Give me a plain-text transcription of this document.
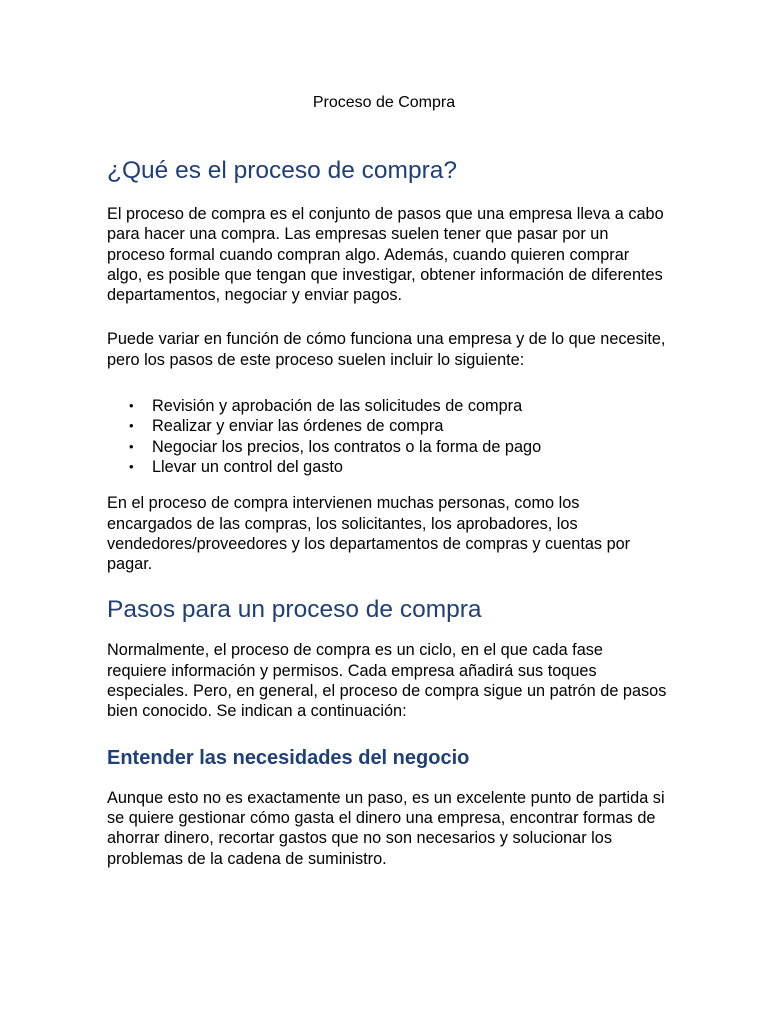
Proceso de Compra
¿Qué es el proceso de compra?

El proceso de compra es el conjunto de pasos que una empresa lleva a cabo para hacer una compra. Las empresas suelen tener que pasar por un proceso formal cuando compran algo. Además, cuando quieren comprar algo, es posible que tengan que investigar, obtener información de diferentes departamentos, negociar y enviar pagos.

Puede variar en función de cómo funciona una empresa y de lo que necesite, pero los pasos de este proceso suelen incluir lo siguiente:

• Revisión y aprobación de las solicitudes de compra
• Realizar y enviar las órdenes de compra
• Negociar los precios, los contratos o la forma de pago
• Llevar un control del gasto

En el proceso de compra intervienen muchas personas, como los encargados de las compras, los solicitantes, los aprobadores, los vendedores/proveedores y los departamentos de compras y cuentas por pagar.

Pasos para un proceso de compra

Normalmente, el proceso de compra es un ciclo, en el que cada fase requiere información y permisos. Cada empresa añadirá sus toques especiales. Pero, en general, el proceso de compra sigue un patrón de pasos bien conocido. Se indican a continuación:

Entender las necesidades del negocio

Aunque esto no es exactamente un paso, es un excelente punto de partida si se quiere gestionar cómo gasta el dinero una empresa, encontrar formas de ahorrar dinero, recortar gastos que no son necesarios y solucionar los problemas de la cadena de suministro.
